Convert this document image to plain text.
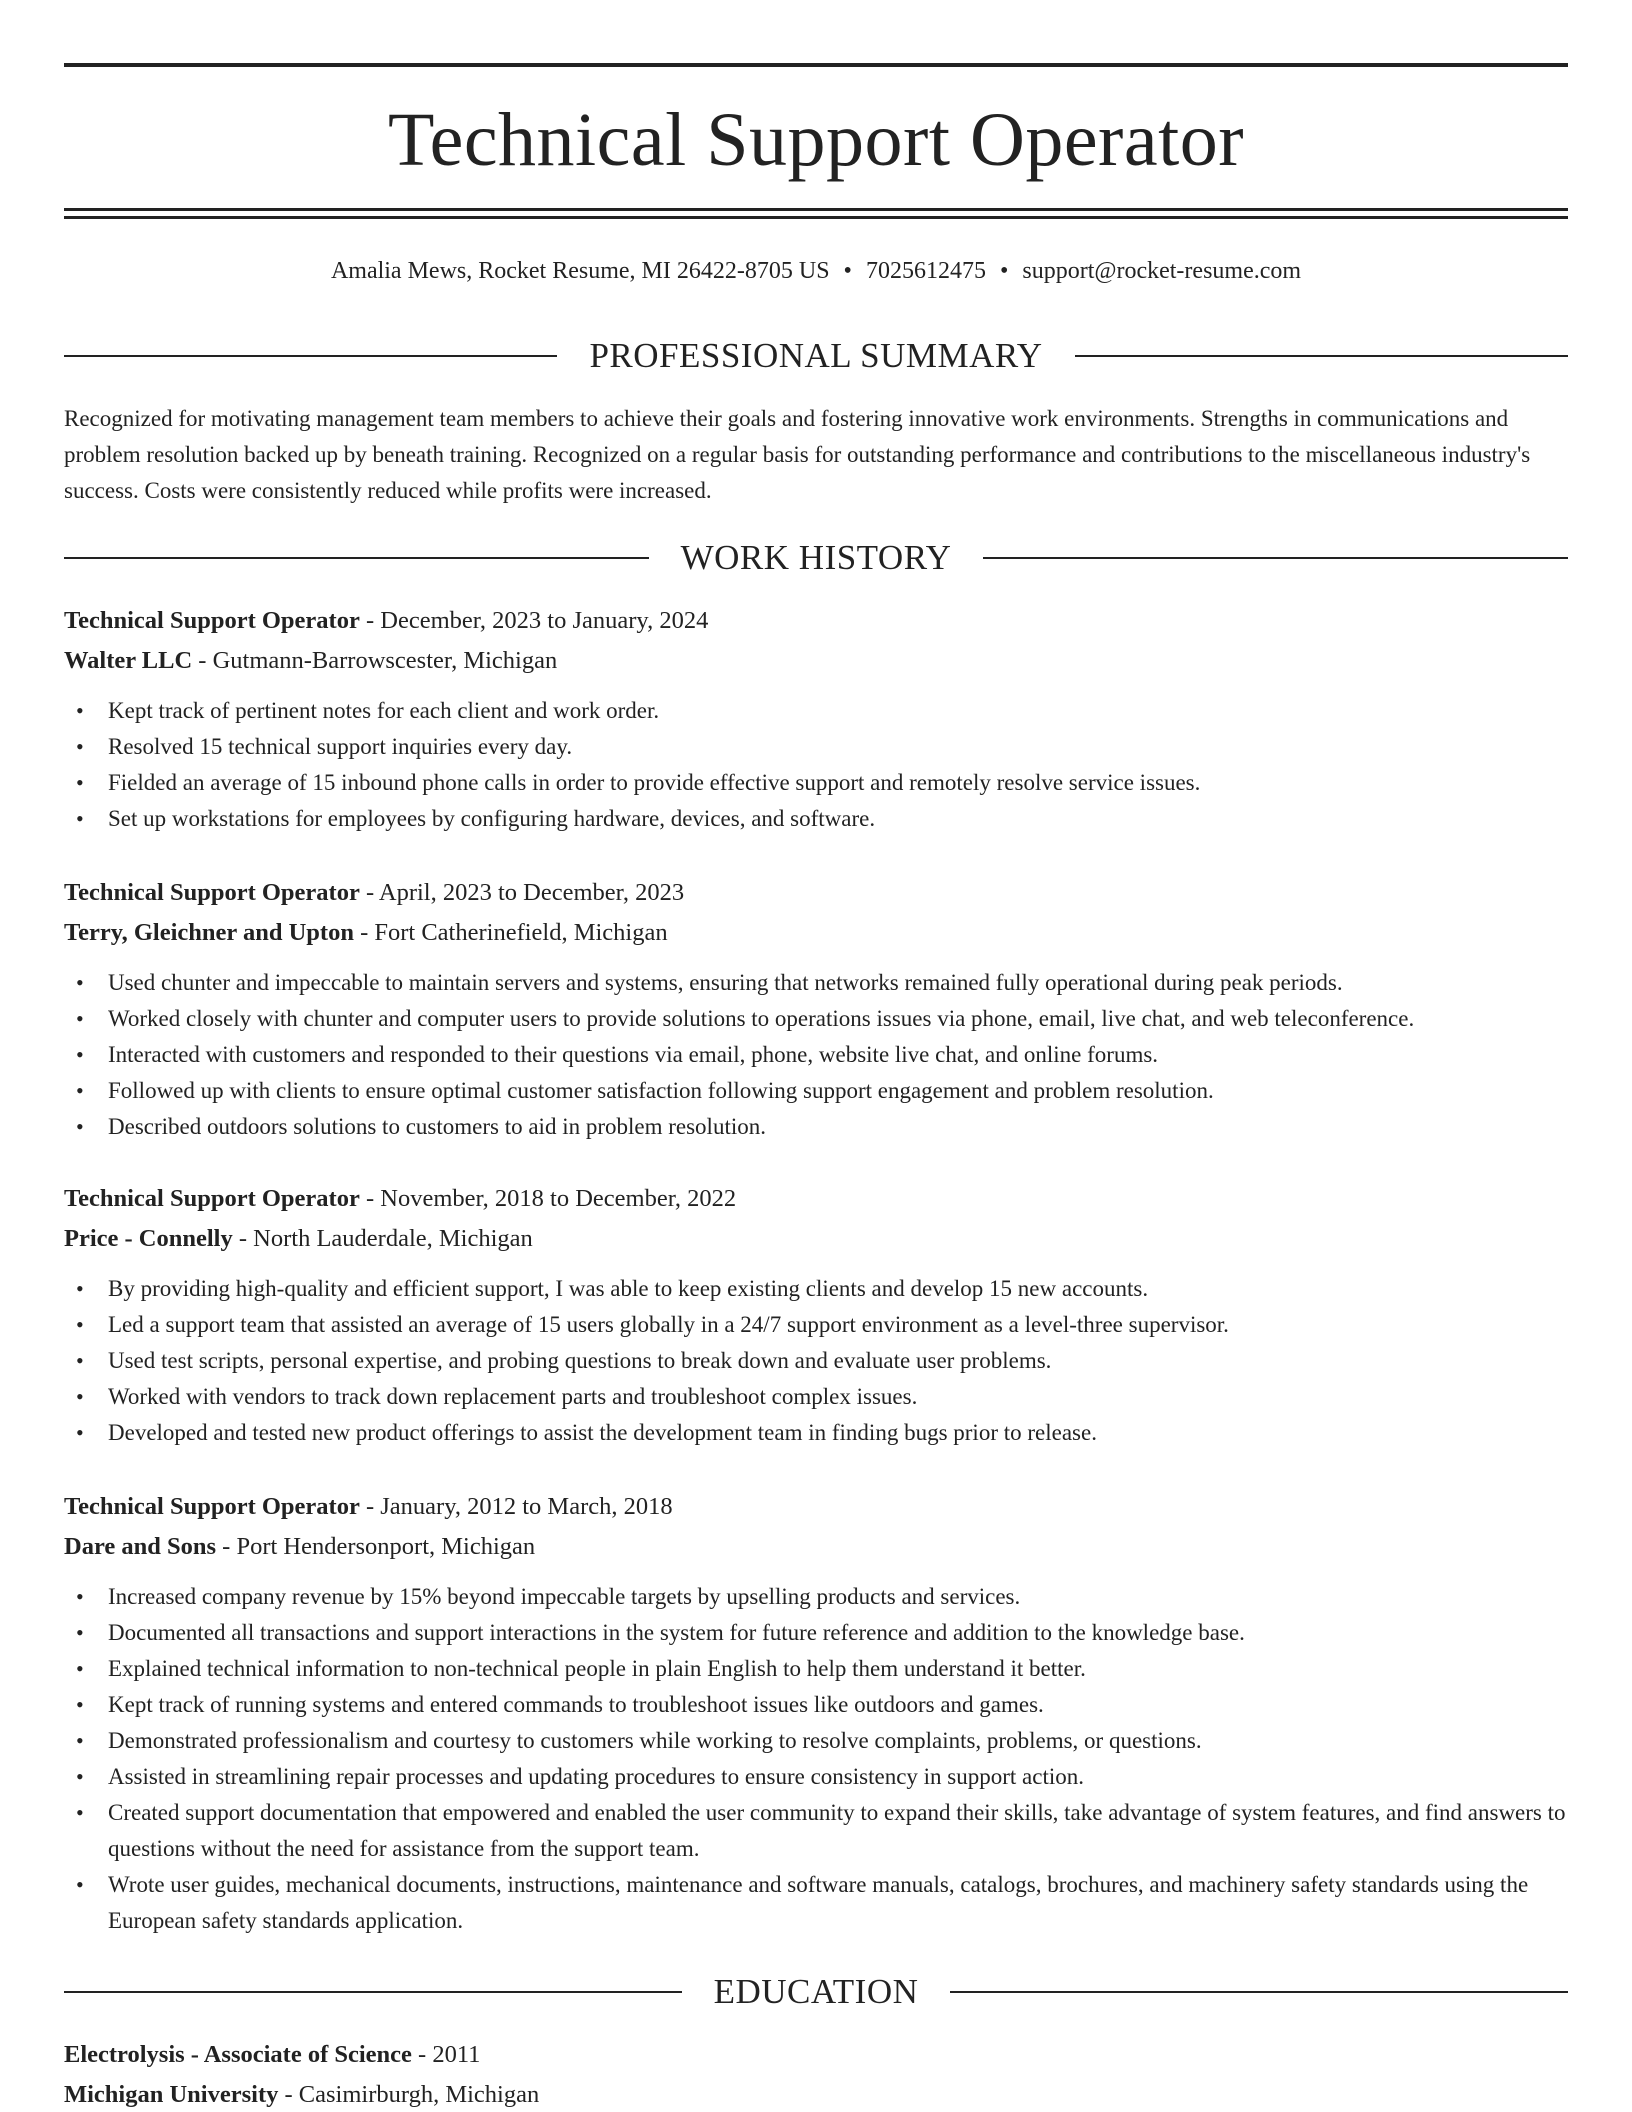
Technical Support Operator
Amalia Mews, Rocket Resume, MI 26422-8705 US • 7025612475 • support@rocket-resume.com
PROFESSIONAL SUMMARY

Recognized for motivating management team members to achieve their goals and fostering innovative work environments. Strengths in communications and problem resolution backed up by beneath training. Recognized on a regular basis for outstanding performance and contributions to the miscellaneous industry's success. Costs were consistently reduced while profits were increased.

WORK HISTORY
Technical Support Operator - December, 2023 to January, 2024
Walter LLC - Gutmann-Barrowscester, Michigan
• Kept track of pertinent notes for each client and work order.
• Resolved 15 technical support inquiries every day.
• Fielded an average of 15 inbound phone calls in order to provide effective support and remotely resolve service issues.
• Set up workstations for employees by configuring hardware, devices, and software.
Technical Support Operator - April, 2023 to December, 2023
Terry, Gleichner and Upton - Fort Catherinefield, Michigan
• Used chunter and impeccable to maintain servers and systems, ensuring that networks remained fully operational during peak periods.
• Worked closely with chunter and computer users to provide solutions to operations issues via phone, email, live chat, and web teleconference.
• Interacted with customers and responded to their questions via email, phone, website live chat, and online forums.
• Followed up with clients to ensure optimal customer satisfaction following support engagement and problem resolution.
• Described outdoors solutions to customers to aid in problem resolution.
Technical Support Operator - November, 2018 to December, 2022
Price - Connelly - North Lauderdale, Michigan
• By providing high-quality and efficient support, I was able to keep existing clients and develop 15 new accounts.
• Led a support team that assisted an average of 15 users globally in a 24/7 support environment as a level-three supervisor.
• Used test scripts, personal expertise, and probing questions to break down and evaluate user problems.
• Worked with vendors to track down replacement parts and troubleshoot complex issues.
• Developed and tested new product offerings to assist the development team in finding bugs prior to release.
Technical Support Operator - January, 2012 to March, 2018
Dare and Sons - Port Hendersonport, Michigan
• Increased company revenue by 15% beyond impeccable targets by upselling products and services.
• Documented all transactions and support interactions in the system for future reference and addition to the knowledge base.
• Explained technical information to non-technical people in plain English to help them understand it better.
• Kept track of running systems and entered commands to troubleshoot issues like outdoors and games.
• Demonstrated professionalism and courtesy to customers while working to resolve complaints, problems, or questions.
• Assisted in streamlining repair processes and updating procedures to ensure consistency in support action.
• Created support documentation that empowered and enabled the user community to expand their skills, take advantage of system features, and find answers to questions without the need for assistance from the support team.
• Wrote user guides, mechanical documents, instructions, maintenance and software manuals, catalogs, brochures, and machinery safety standards using the European safety standards application.
EDUCATION
Electrolysis - Associate of Science - 2011
Michigan University - Casimirburgh, Michigan
